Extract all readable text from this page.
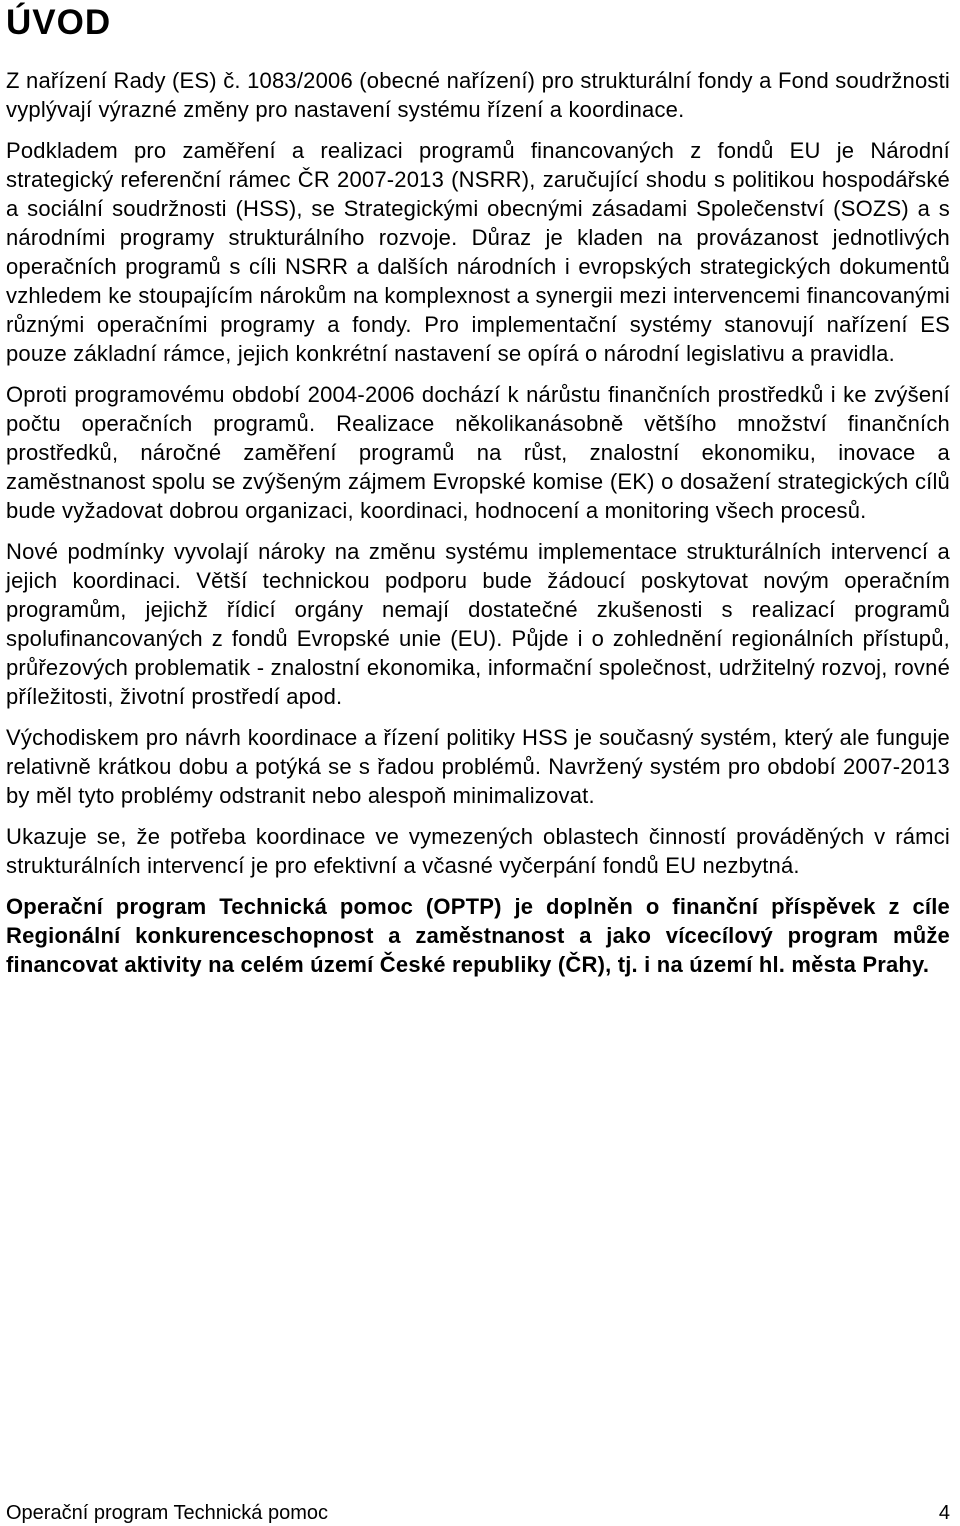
ÚVOD

Z nařízení Rady (ES) č. 1083/2006 (obecné nařízení) pro strukturální fondy a Fond soudržnosti vyplývají výrazné změny pro nastavení systému řízení a koordinace.

Podkladem pro zaměření a realizaci programů financovaných z fondů EU je Národní strategický referenční rámec ČR 2007-2013 (NSRR), zaručující shodu s politikou hospodářské a sociální soudržnosti (HSS), se Strategickými obecnými zásadami Společenství (SOZS) a s národními programy strukturálního rozvoje. Důraz je kladen na provázanost jednotlivých operačních programů s cíli NSRR a dalších národních i evropských strategických dokumentů vzhledem ke stoupajícím nárokům na komplexnost a synergii mezi intervencemi financovanými různými operačními programy a fondy. Pro implementační systémy stanovují nařízení ES pouze základní rámce, jejich konkrétní nastavení se opírá o národní legislativu a pravidla.

Oproti programovému období 2004-2006 dochází k nárůstu finančních prostředků i ke zvýšení počtu operačních programů. Realizace několikanásobně většího množství finančních prostředků, náročné zaměření programů na růst, znalostní ekonomiku, inovace a zaměstnanost spolu se zvýšeným zájmem Evropské komise (EK) o dosažení strategických cílů bude vyžadovat dobrou organizaci, koordinaci, hodnocení a monitoring všech procesů.

Nové podmínky vyvolají nároky na změnu systému implementace strukturálních intervencí a jejich koordinaci. Větší technickou podporu bude žádoucí poskytovat novým operačním programům, jejichž řídicí orgány nemají dostatečné zkušenosti s realizací programů spolufinancovaných z fondů Evropské unie (EU). Půjde i o zohlednění regionálních přístupů, průřezových problematik - znalostní ekonomika, informační společnost, udržitelný rozvoj, rovné příležitosti, životní prostředí apod.

Východiskem pro návrh koordinace a řízení politiky HSS je současný systém, který ale funguje relativně krátkou dobu a potýká se s řadou problémů. Navržený systém pro období 2007-2013 by měl tyto problémy odstranit nebo alespoň minimalizovat.

Ukazuje se, že potřeba koordinace ve vymezených oblastech činností prováděných v rámci strukturálních intervencí je pro efektivní a včasné vyčerpání fondů EU nezbytná.

Operační program Technická pomoc (OPTP) je doplněn o finanční příspěvek z cíle Regionální konkurenceschopnost a zaměstnanost a jako vícecílový program může financovat aktivity na celém území České republiky (ČR), tj. i na území hl. města Prahy.

Operační program Technická pomoc	4
